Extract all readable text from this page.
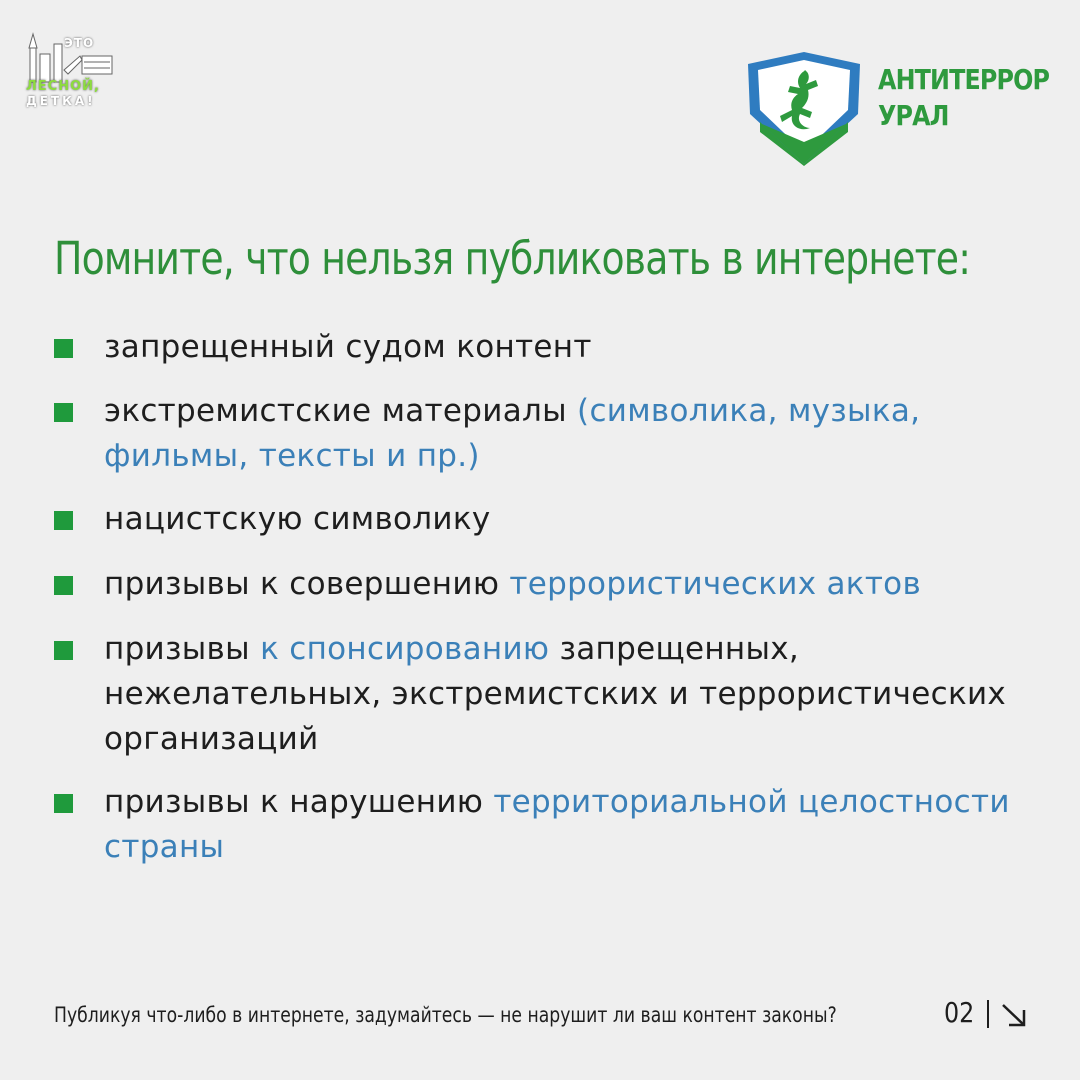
ЭТО
ЛЕСНОЙ,
ДЕТКА!
АНТИТЕРРОР
УРАЛ
Помните, что нельзя публиковать в интернете:
запрещенный судом контент
экстремистские материалы (символика, музыка, фильмы, тексты и пр.)
нацистскую символику
призывы к совершению террористических актов
призывы к спонсированию запрещенных, нежелательных, экстремистских и террористических организаций
призывы к нарушению территориальной целостности страны
Публикуя что-либо в интернете, задумайтесь — не нарушит ли ваш контент законы?	02
